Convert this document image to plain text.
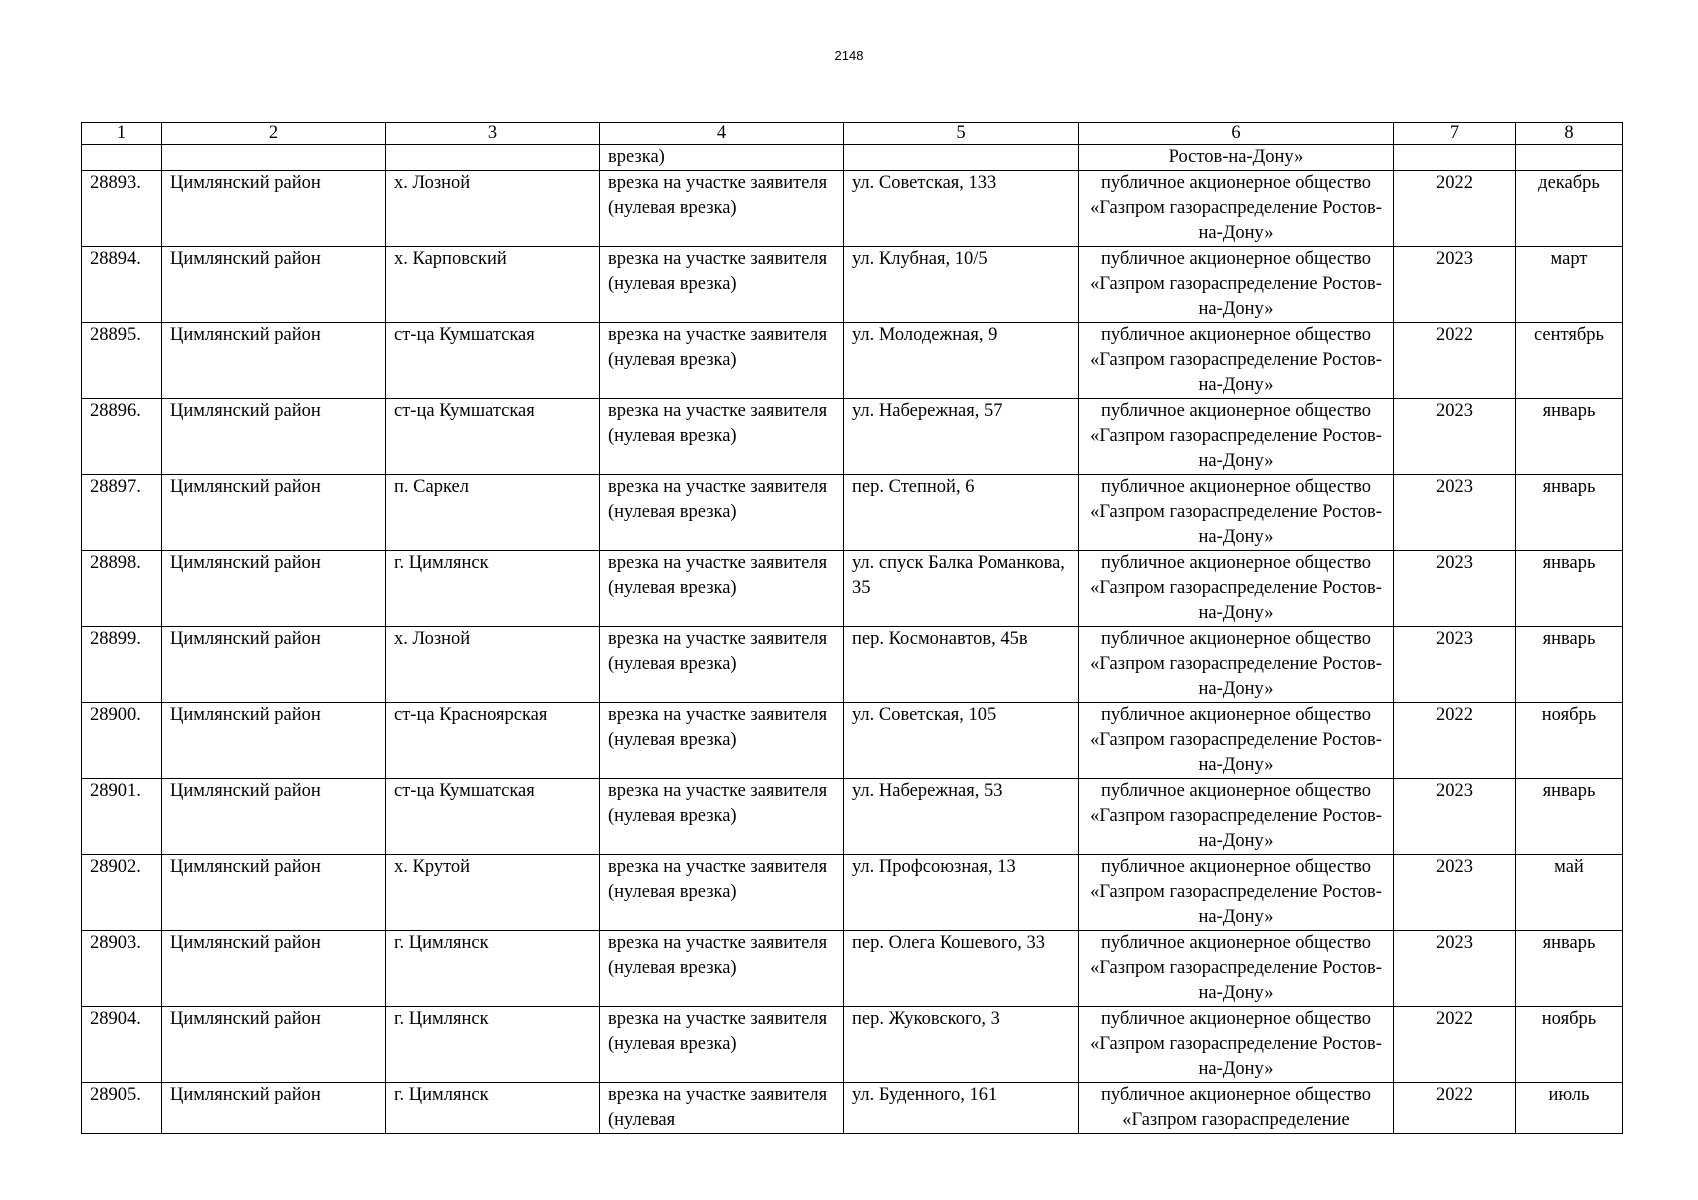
2148
1	2	3	4	5	6	7	8
			врезка)		Ростов-на-Дону»		
28893.	Цимлянский район	х. Лозной	врезка на участке заявителя (нулевая врезка)	ул. Советская, 133	публичное акционерное общество «Газпром газораспределение Ростов-на-Дону»	2022	декабрь
28894.	Цимлянский район	х. Карповский	врезка на участке заявителя (нулевая врезка)	ул. Клубная, 10/5	публичное акционерное общество «Газпром газораспределение Ростов-на-Дону»	2023	март
28895.	Цимлянский район	ст-ца Кумшатская	врезка на участке заявителя (нулевая врезка)	ул. Молодежная, 9	публичное акционерное общество «Газпром газораспределение Ростов-на-Дону»	2022	сентябрь
28896.	Цимлянский район	ст-ца Кумшатская	врезка на участке заявителя (нулевая врезка)	ул. Набережная, 57	публичное акционерное общество «Газпром газораспределение Ростов-на-Дону»	2023	январь
28897.	Цимлянский район	п. Саркел	врезка на участке заявителя (нулевая врезка)	пер. Степной, 6	публичное акционерное общество «Газпром газораспределение Ростов-на-Дону»	2023	январь
28898.	Цимлянский район	г. Цимлянск	врезка на участке заявителя (нулевая врезка)	ул. спуск Балка Романкова, 35	публичное акционерное общество «Газпром газораспределение Ростов-на-Дону»	2023	январь
28899.	Цимлянский район	х. Лозной	врезка на участке заявителя (нулевая врезка)	пер. Космонавтов, 45в	публичное акционерное общество «Газпром газораспределение Ростов-на-Дону»	2023	январь
28900.	Цимлянский район	ст-ца Красноярская	врезка на участке заявителя (нулевая врезка)	ул. Советская, 105	публичное акционерное общество «Газпром газораспределение Ростов-на-Дону»	2022	ноябрь
28901.	Цимлянский район	ст-ца Кумшатская	врезка на участке заявителя (нулевая врезка)	ул. Набережная, 53	публичное акционерное общество «Газпром газораспределение Ростов-на-Дону»	2023	январь
28902.	Цимлянский район	х. Крутой	врезка на участке заявителя (нулевая врезка)	ул. Профсоюзная, 13	публичное акционерное общество «Газпром газораспределение Ростов-на-Дону»	2023	май
28903.	Цимлянский район	г. Цимлянск	врезка на участке заявителя (нулевая врезка)	пер. Олега Кошевого, 33	публичное акционерное общество «Газпром газораспределение Ростов-на-Дону»	2023	январь
28904.	Цимлянский район	г. Цимлянск	врезка на участке заявителя (нулевая врезка)	пер. Жуковского, 3	публичное акционерное общество «Газпром газораспределение Ростов-на-Дону»	2022	ноябрь
28905.	Цимлянский район	г. Цимлянск	врезка на участке заявителя (нулевая	ул. Буденного, 161	публичное акционерное общество «Газпром газораспределение	2022	июль
